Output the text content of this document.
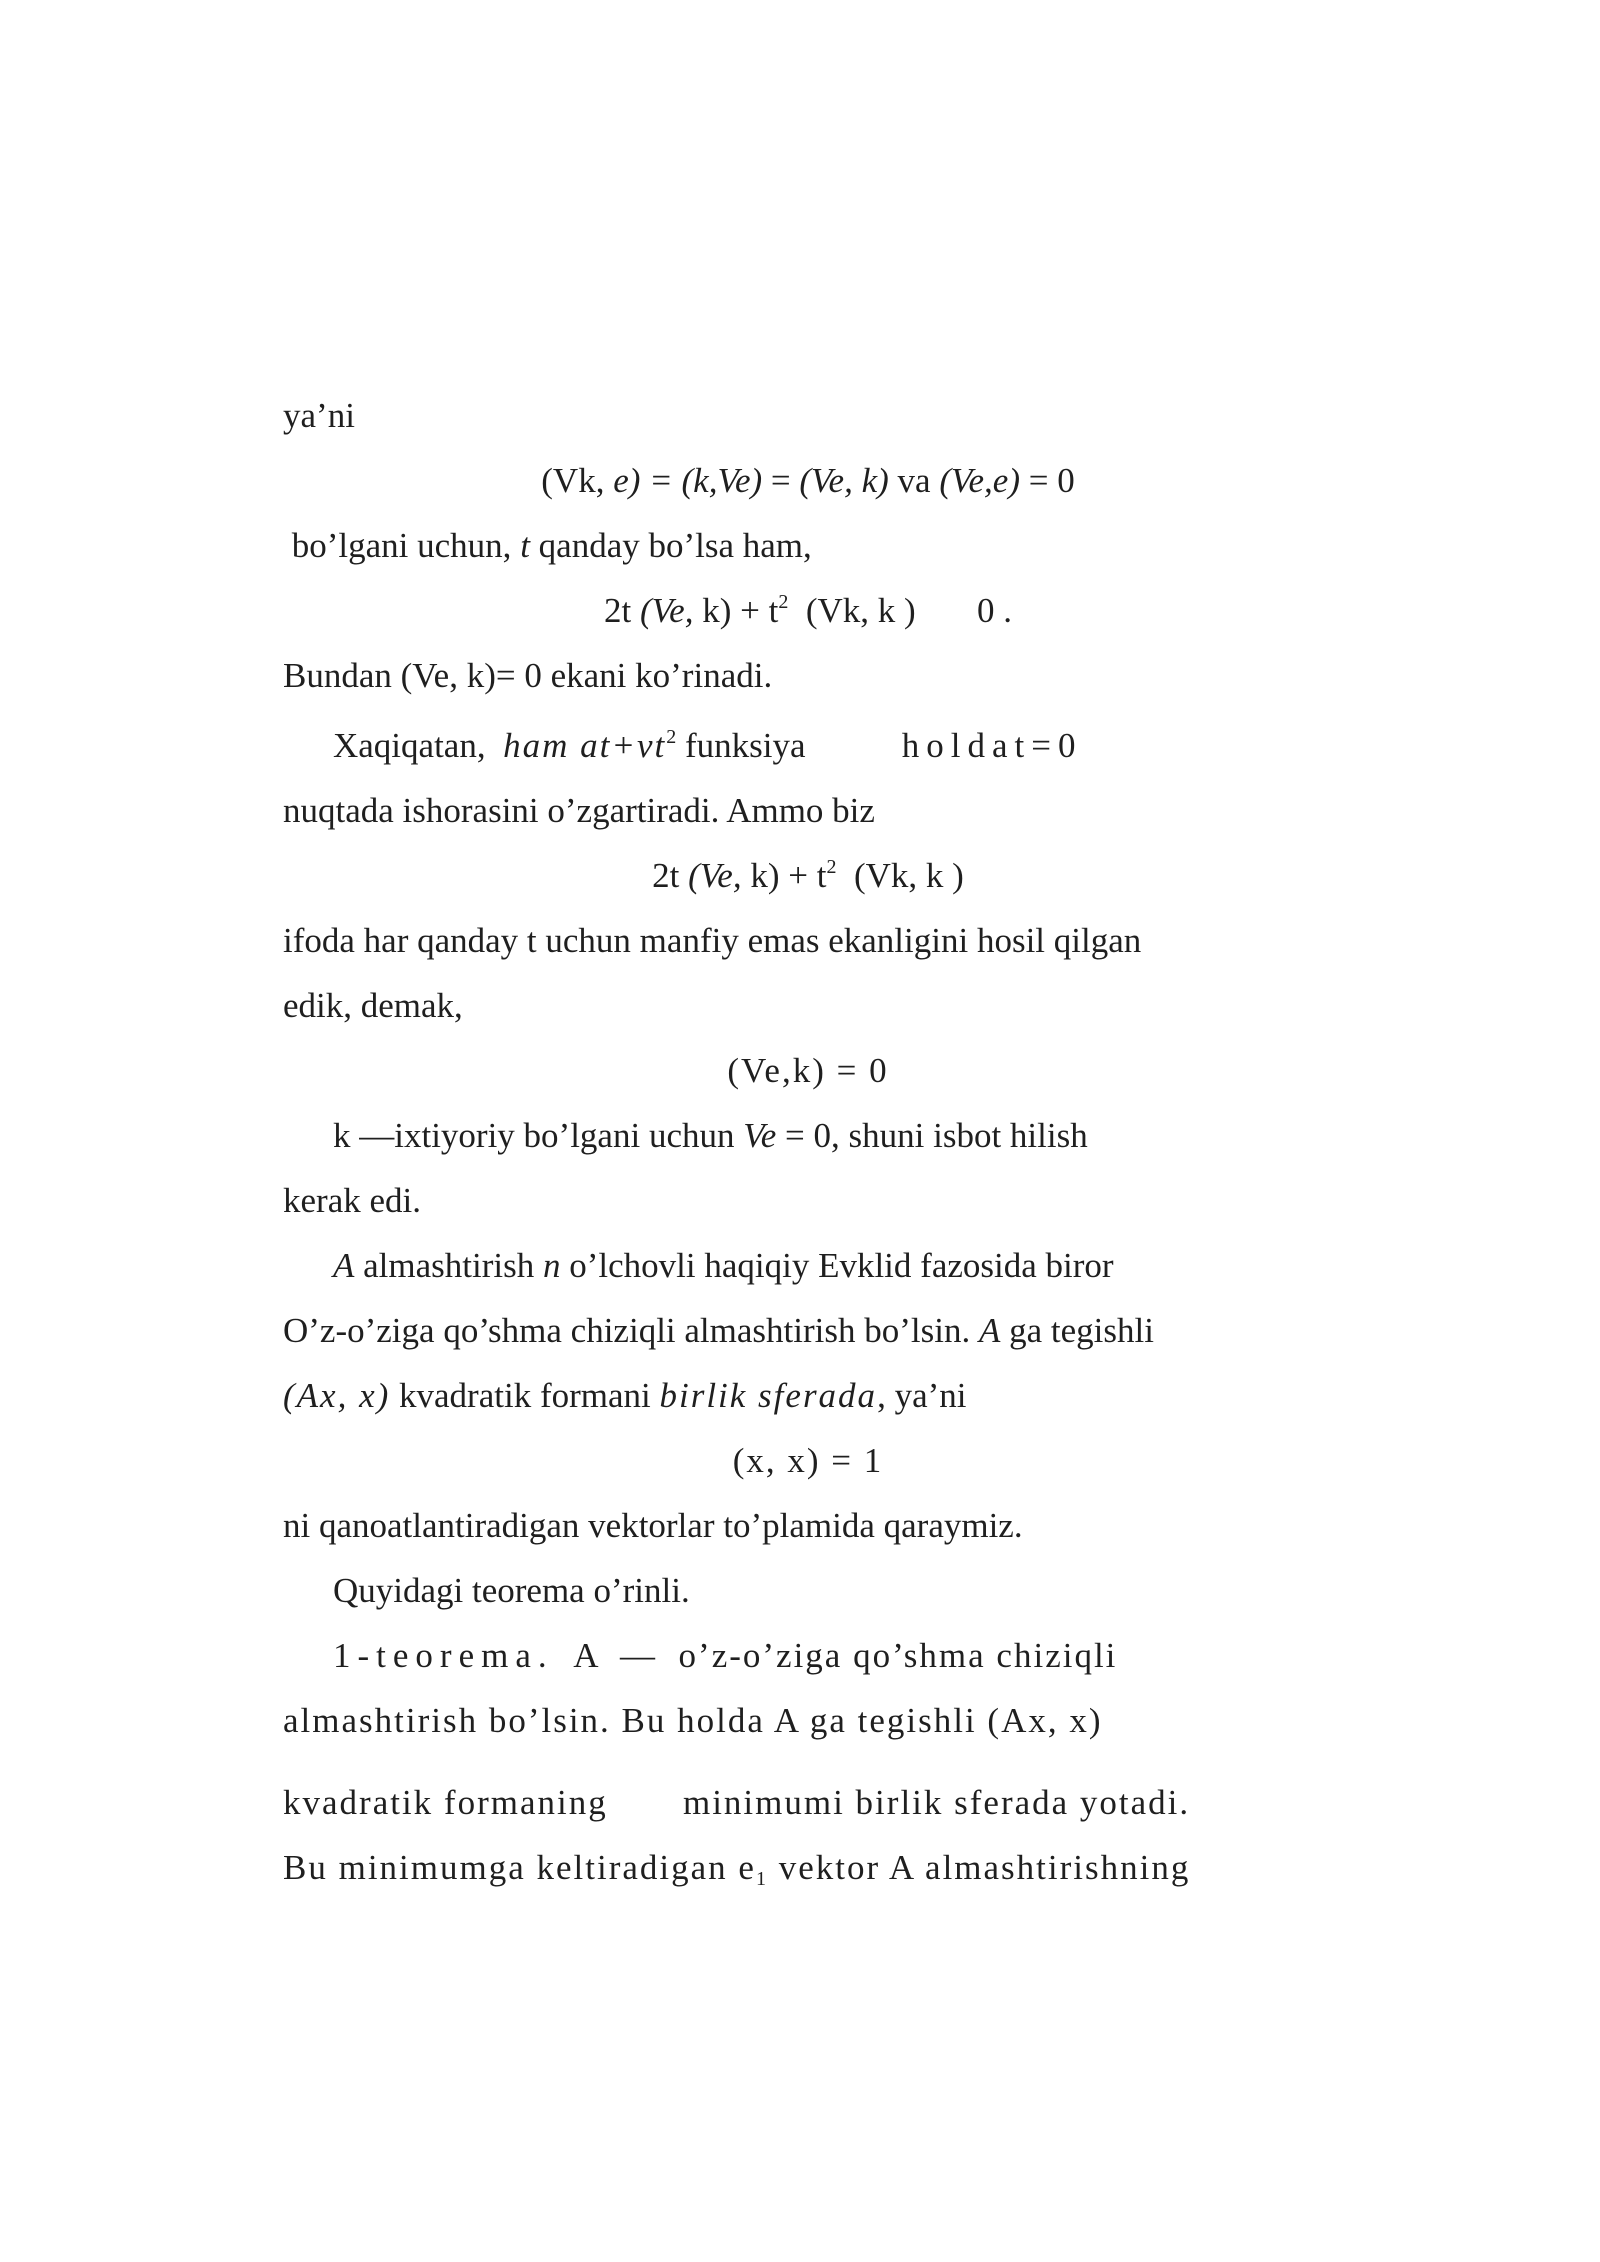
ya’ni
(Vk, e) = (k,Ve) = (Ve, k) va (Ve,e) = 0
bo’lgani uchun, t qanday bo’lsa ham,
2t (Ve, $k) + t^2$  (Vk, k )       0 .
Bundan (Ve, k)= 0 ekani ko’rinadi.
Xaqiqatan,  ham $at+vt^2$ funksiya           holdat=0
nuqtada ishorasini o’zgartiradi. Ammo biz
2t (Ve, $k) + t^2$  (Vk, k )
ifoda har qanday t uchun manfiy emas ekanligini hosil qilgan
edik, demak,
(Ve,k) = 0
k —ixtiyoriy bo’lgani uchun Ve = 0, shuni isbot hilish
kerak edi.
A almashtirish n o’lchovli haqiqiy Evklid fazosida biror
O’z-o’ziga qo’shma chiziqli almashtirish bo’lsin. A ga tegishli
(Ax, x) kvadratik formani birlik sferada, ya’ni
(x, x) = 1
ni qanoatlantiradigan vektorlar to’plamida qaraymiz.
Quyidagi teorema o’rinli.
1-teorema.  A  —  o’z-o’ziga qo’shma chiziqli
almashtirish bo’lsin. Bu holda A ga tegishli (Ax, x)
kvadratik formaning       minimumi birlik sferada yotadi.
Bu minimumga keltiradigan $e_1$ vektor A almashtirishning
